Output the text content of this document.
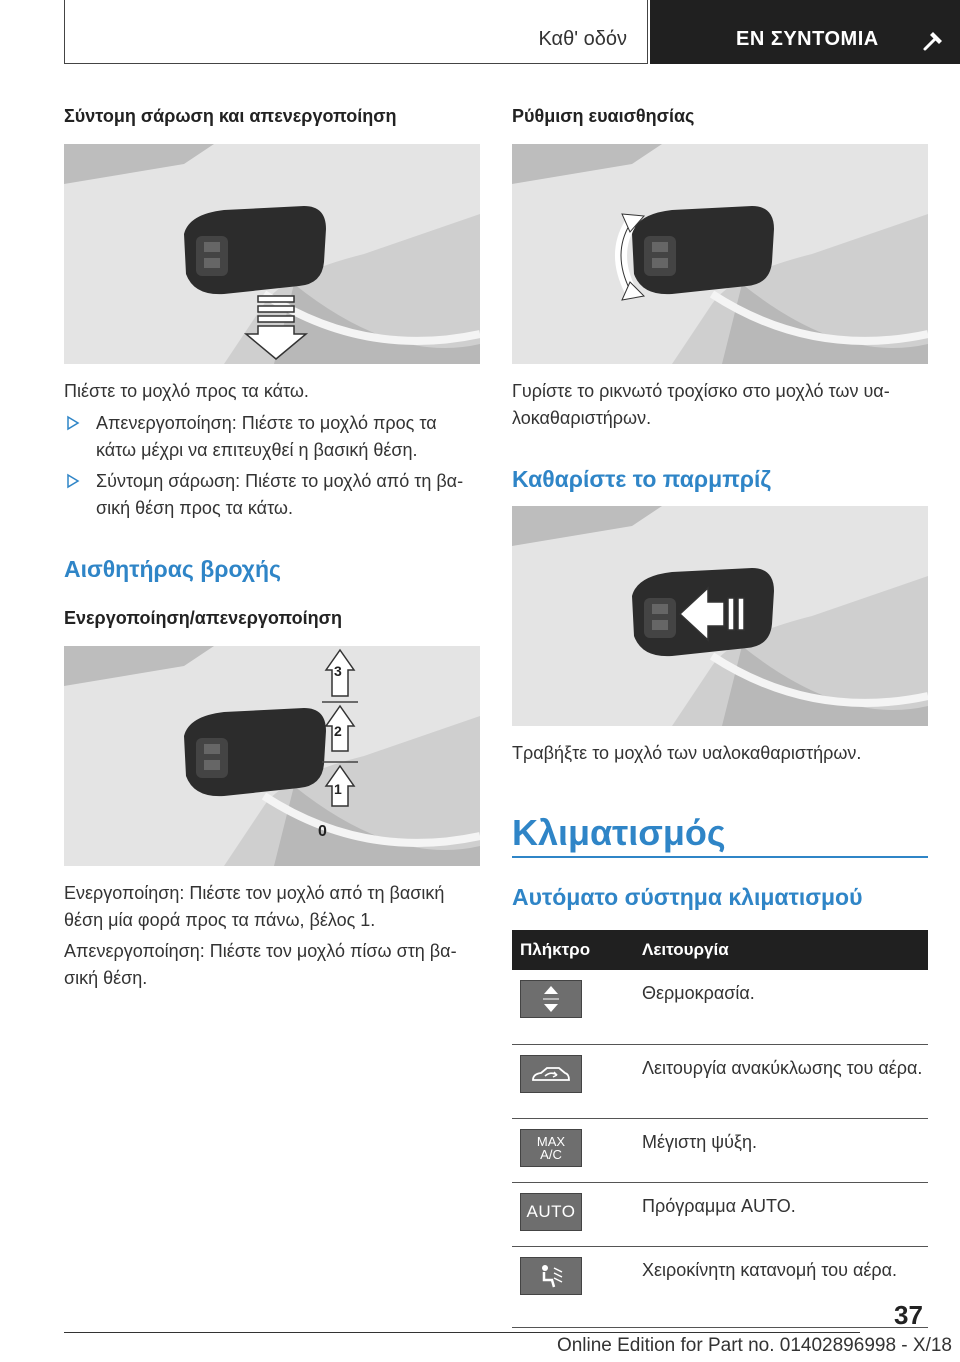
Καθ' οδόν	ΕΝ ΣΥΝΤΟΜΙΑ
Σύντομη σάρωση και απενεργοποίηση
Πιέστε το μοχλό προς τα κάτω.
Απενεργοποίηση: Πιέστε το μοχλό προς τα κάτω μέχρι να επιτευχθεί η βασική θέση.
Σύντομη σάρωση: Πιέστε το μοχλό από τη βα-σική θέση προς τα κάτω.
Αισθητήρας βροχής
Ενεργοποίηση/απενεργοποίηση
3
2
1
0
Ενεργοποίηση: Πιέστε τον μοχλό από τη βασική θέση μία φορά προς τα πάνω, βέλος 1.
Απενεργοποίηση: Πιέστε τον μοχλό πίσω στη βα-σική θέση.
Ρύθμιση ευαισθησίας
Γυρίστε το ρικνωτό τροχίσκο στο μοχλό των υα-λοκαθαριστήρων.
Καθαρίστε το παρμπρίζ
Τραβήξτε το μοχλό των υαλοκαθαριστήρων.
Κλιματισμός
Αυτόματο σύστημα κλιματισμού
Πλήκτρο	Λειτουργία

	Θερμοκρασία.

	Λειτουργία ανακύκλωσης του αέρα.

MAX A/C	Μέγιστη ψύξη.

AUTO	Πρόγραμμα AUTO.

	Χειροκίνητη κατανομή του αέρα.
37
Online Edition for Part no. 01402896998 - X/18
